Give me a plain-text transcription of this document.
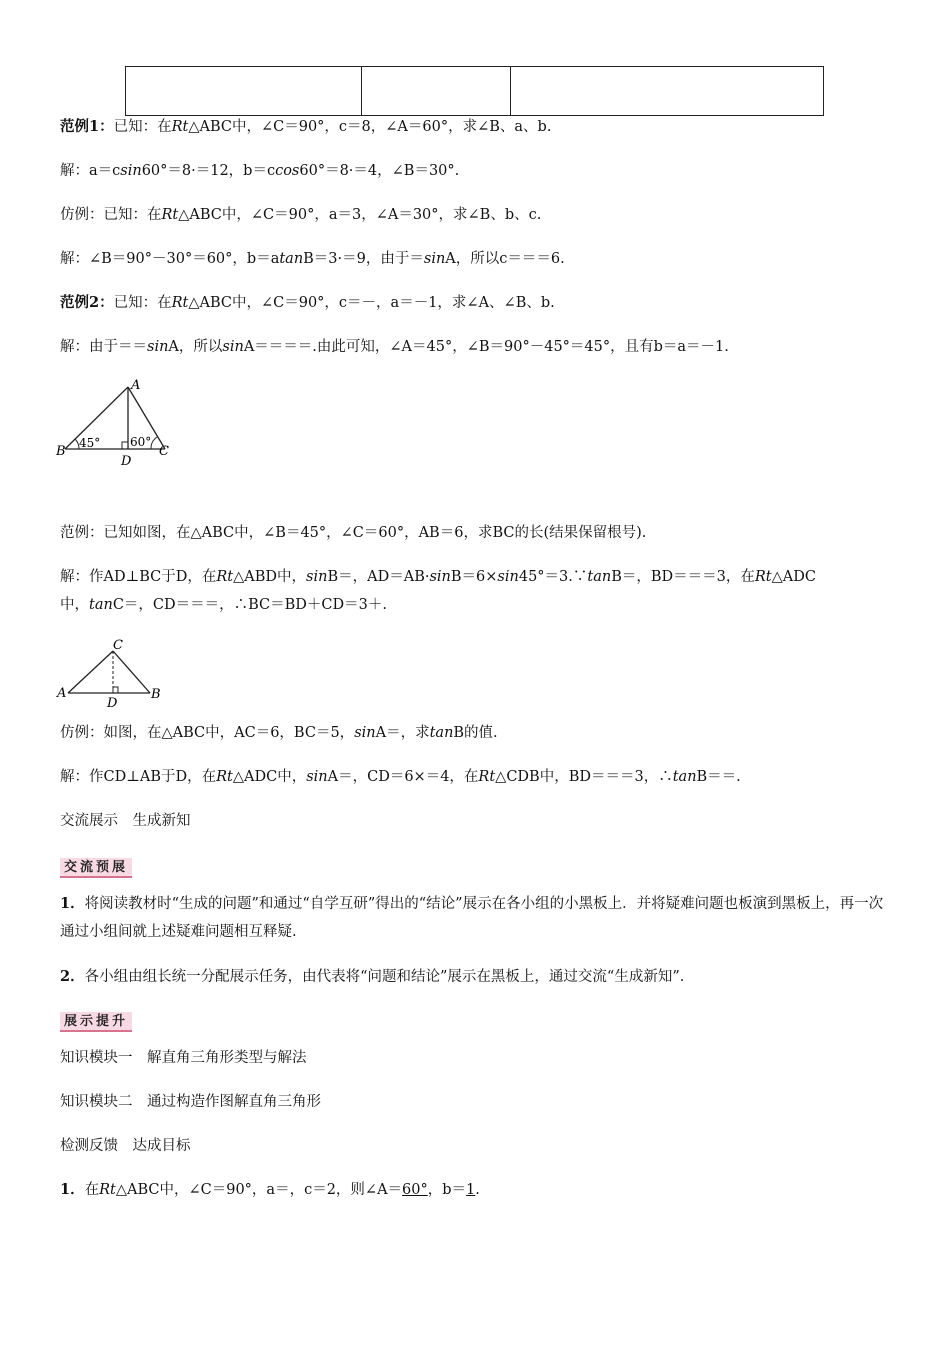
范例1：已知：在Rt△ABC中，∠C＝90°，c＝8，∠A＝60°，求∠B、a、b.
解：a＝csin60°＝8·＝12，b＝ccos60°＝8·＝4，∠B＝30°.
仿例：已知：在Rt△ABC中，∠C＝90°，a＝3，∠A＝30°，求∠B、b、c.
解：∠B＝90°－30°＝60°，b＝atanB＝3·＝9，由于＝sinA，所以c＝＝＝6.
范例2：已知：在Rt△ABC中，∠C＝90°，c＝－，a＝－1，求∠A、∠B、b.
解：由于＝＝sinA，所以sinA＝＝＝＝.由此可知，∠A＝45°，∠B＝90°－45°＝45°，且有b＝a＝－1.
A
B	C
D
45° 60°
范例：已知如图，在△ABC中，∠B＝45°，∠C＝60°，AB＝6，求BC的长(结果保留根号).
解：作AD⊥BC于D，在Rt△ABD中，sinB＝，AD＝AB·sinB＝6×sin45°＝3.∵tanB＝，BD＝＝＝3，在Rt△ADC
中，tanC＝，CD＝＝＝，∴BC＝BD＋CD＝3＋.
C
A	B
D
仿例：如图，在△ABC中，AC＝6，BC＝5，sinA＝，求tanB的值.
解：作CD⊥AB于D，在Rt△ADC中，sinA＝，CD＝6×＝4，在Rt△CDB中，BD＝＝＝3，∴tanB＝＝.
交流展示　生成新知
交流预展
1．将阅读教材时“生成的问题”和通过“自学互研”得出的“结论”展示在各小组的小黑板上．并将疑难问题也板演到黑板上，再一次通过小组间就上述疑难问题相互释疑.
2．各小组由组长统一分配展示任务，由代表将“问题和结论”展示在黑板上，通过交流“生成新知”.
展示提升
知识模块一　解直角三角形类型与解法
知识模块二　通过构造作图解直角三角形
检测反馈　达成目标
1．在Rt△ABC中，∠C＝90°，a＝，c＝2，则∠A＝60°，b＝1.
